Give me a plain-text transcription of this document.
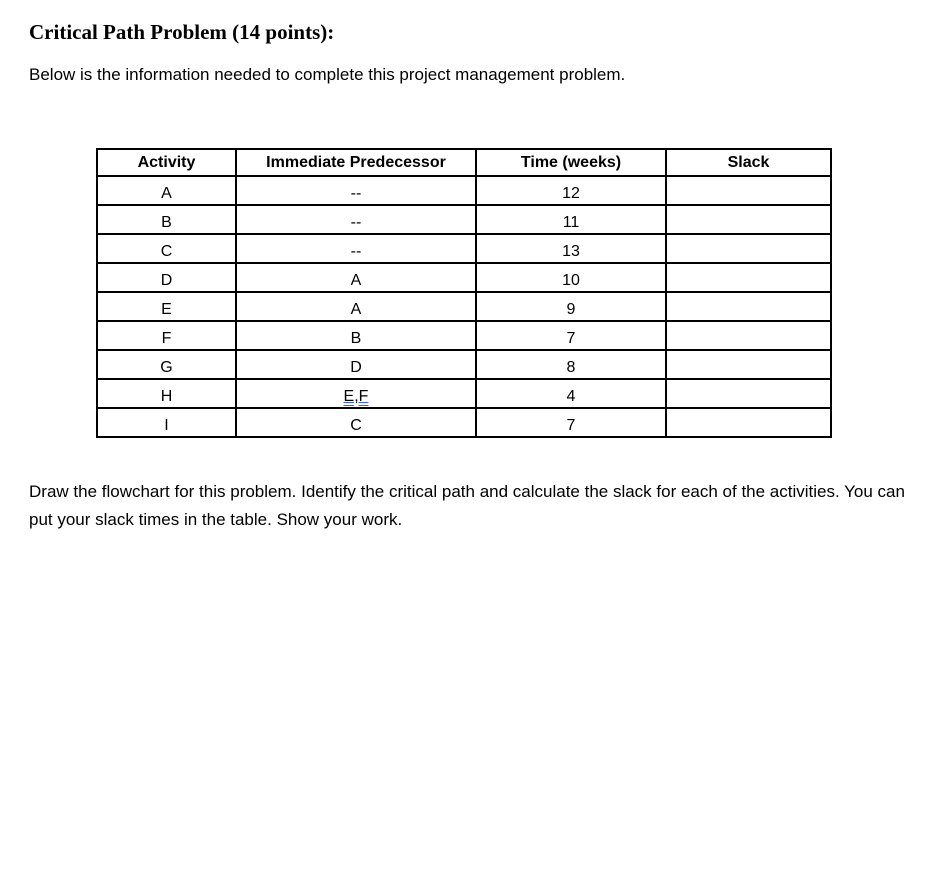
Critical Path Problem (14 points):
Below is the information needed to complete this project management problem.
Activity	Immediate Predecessor	Time (weeks)	Slack
A	--	12	
B	--	11	
C	--	13	
D	A	10	
E	A	9	
F	B	7	
G	D	8	
H	E,F	4	
I	C	7	
Draw the flowchart for this problem. Identify the critical path and calculate the slack for each of the activities. You can put your slack times in the table. Show your work.
